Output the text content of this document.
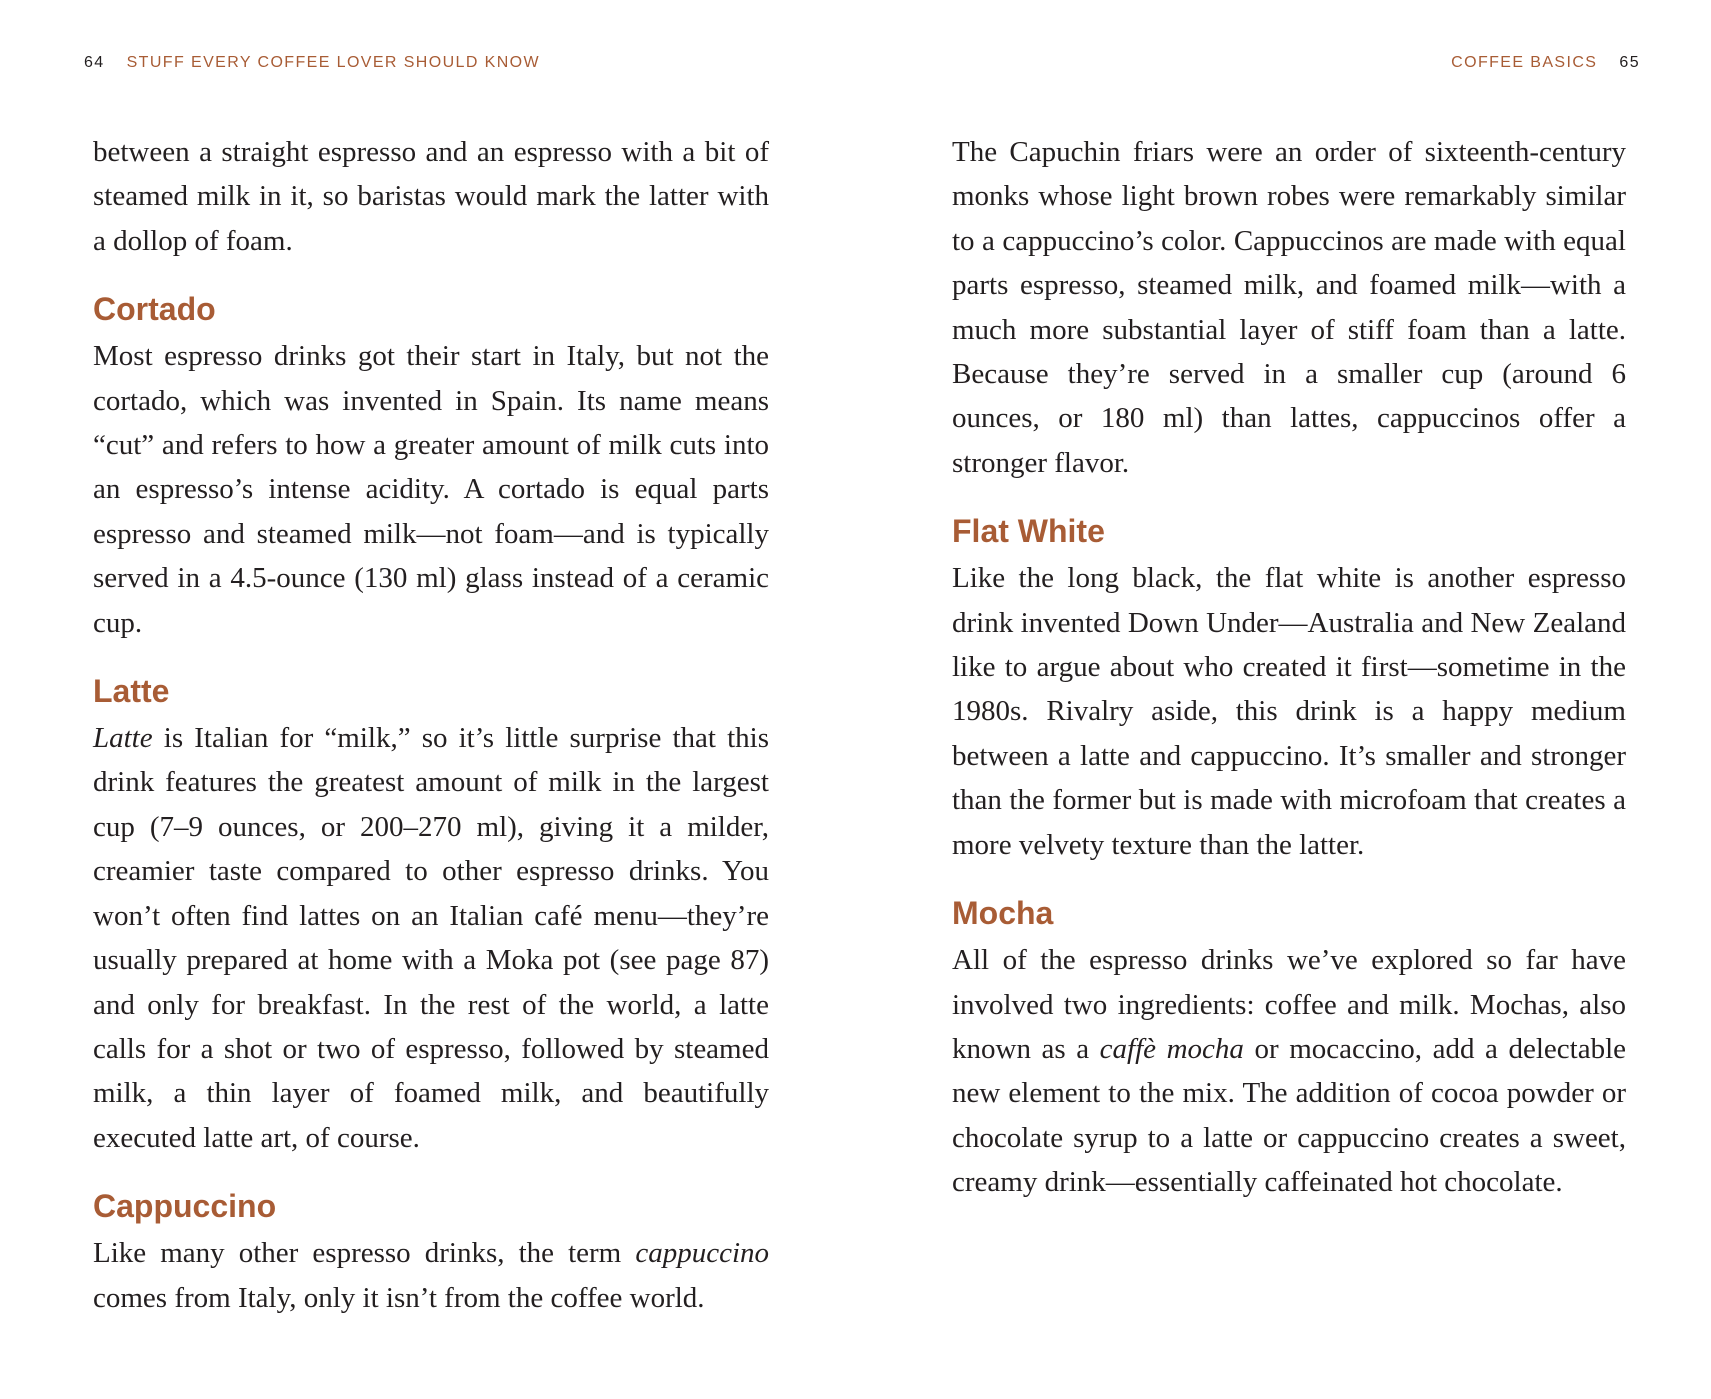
64 STUFF EVERY COFFEE LOVER SHOULD KNOW

between a straight espresso and an espresso with a bit of steamed milk in it, so baristas would mark the latter with a dollop of foam.

Cortado

Most espresso drinks got their start in Italy, but not the cortado, which was invented in Spain. Its name means “cut” and refers to how a greater amount of milk cuts into an espresso’s intense acidity. A cortado is equal parts espresso and steamed milk—not foam—and is typically served in a 4.5-ounce (130 ml) glass instead of a ceramic cup.

Latte

Latte is Italian for “milk,” so it’s little surprise that this drink features the greatest amount of milk in the largest cup (7–9 ounces, or 200–270 ml), giving it a milder, creamier taste compared to other espresso drinks. You won’t often find lattes on an Italian café menu—they’re usually prepared at home with a Moka pot (see page 87) and only for breakfast. In the rest of the world, a latte calls for a shot or two of espresso, followed by steamed milk, a thin layer of foamed milk, and beautifully executed latte art, of course.

Cappuccino

Like many other espresso drinks, the term cappuccino comes from Italy, only it isn’t from the coffee world.

COFFEE BASICS 65

The Capuchin friars were an order of sixteenth-century monks whose light brown robes were remarkably similar to a cappuccino’s color. Cappuccinos are made with equal parts espresso, steamed milk, and foamed milk—with a much more substantial layer of stiff foam than a latte. Because they’re served in a smaller cup (around 6 ounces, or 180 ml) than lattes, cappuccinos offer a stronger flavor.

Flat White

Like the long black, the flat white is another espresso drink invented Down Under—Australia and New Zealand like to argue about who created it first—sometime in the 1980s. Rivalry aside, this drink is a happy medium between a latte and cappuccino. It’s smaller and stronger than the former but is made with microfoam that creates a more velvety texture than the latter.

Mocha

All of the espresso drinks we’ve explored so far have involved two ingredients: coffee and milk. Mochas, also known as a caffè mocha or mocaccino, add a delectable new element to the mix. The addition of cocoa powder or chocolate syrup to a latte or cappuccino creates a sweet, creamy drink—essentially caffeinated hot chocolate.
